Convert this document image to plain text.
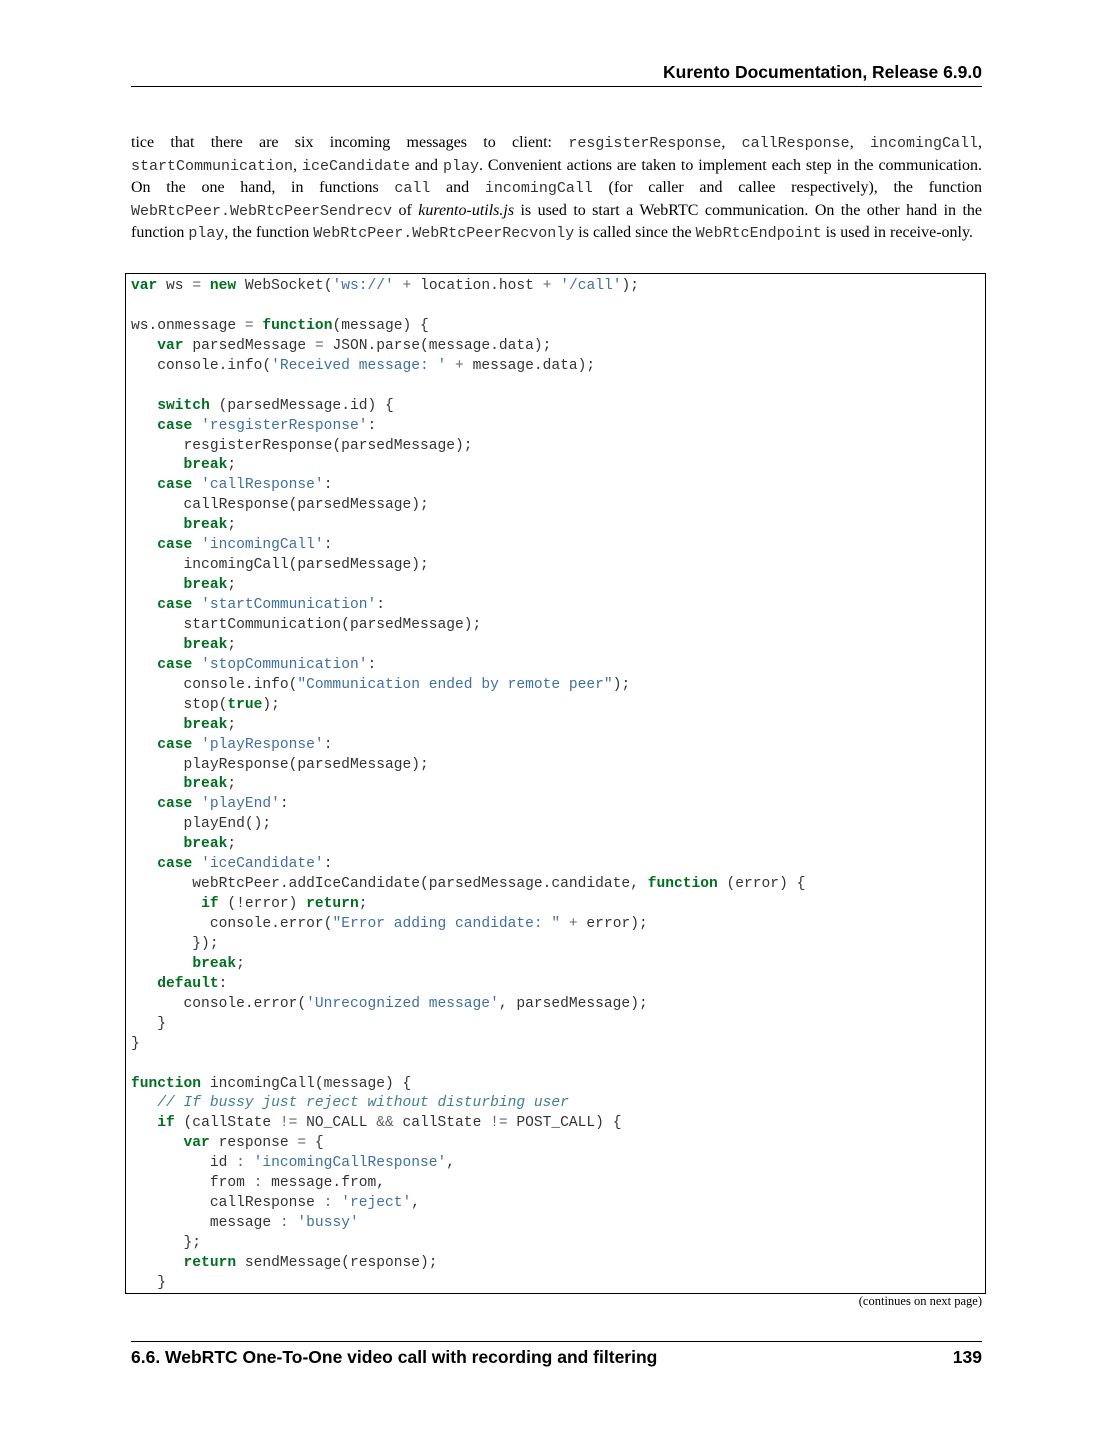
Kurento Documentation, Release 6.9.0

tice that there are six incoming messages to client: resgisterResponse, callResponse, incomingCall, startCommunication, iceCandidate and play. Convenient actions are taken to implement each step in the communication. On the one hand, in functions call and incomingCall (for caller and callee respectively), the function WebRtcPeer.WebRtcPeerSendrecv of kurento-utils.js is used to start a WebRTC communication. On the other hand in the function play, the function WebRtcPeer.WebRtcPeerRecvonly is called since the WebRtcEndpoint is used in receive-only.

var ws = new WebSocket('ws://' + location.host + '/call');

ws.onmessage = function(message) {
var parsedMessage = JSON.parse(message.data);
console.info('Received message: ' + message.data);

switch (parsedMessage.id) {
case 'resgisterResponse':
resgisterResponse(parsedMessage);
break;
case 'callResponse':
callResponse(parsedMessage);
break;
case 'incomingCall':
incomingCall(parsedMessage);
break;
case 'startCommunication':
startCommunication(parsedMessage);
break;
case 'stopCommunication':
console.info("Communication ended by remote peer");
stop(true);
break;
case 'playResponse':
playResponse(parsedMessage);
break;
case 'playEnd':
playEnd();
break;
case 'iceCandidate':
webRtcPeer.addIceCandidate(parsedMessage.candidate, function (error) {
if (!error) return;
console.error("Error adding candidate: " + error);
});
break;
default:
console.error('Unrecognized message', parsedMessage);
}
}

function incomingCall(message) {
// If bussy just reject without disturbing user
if (callState != NO_CALL && callState != POST_CALL) {
var response = {
id : 'incomingCallResponse',
from : message.from,
callResponse : 'reject',
message : 'bussy'
};
return sendMessage(response);
}
(continues on next page)
6.6. WebRTC One-To-One video call with recording and filtering	139
